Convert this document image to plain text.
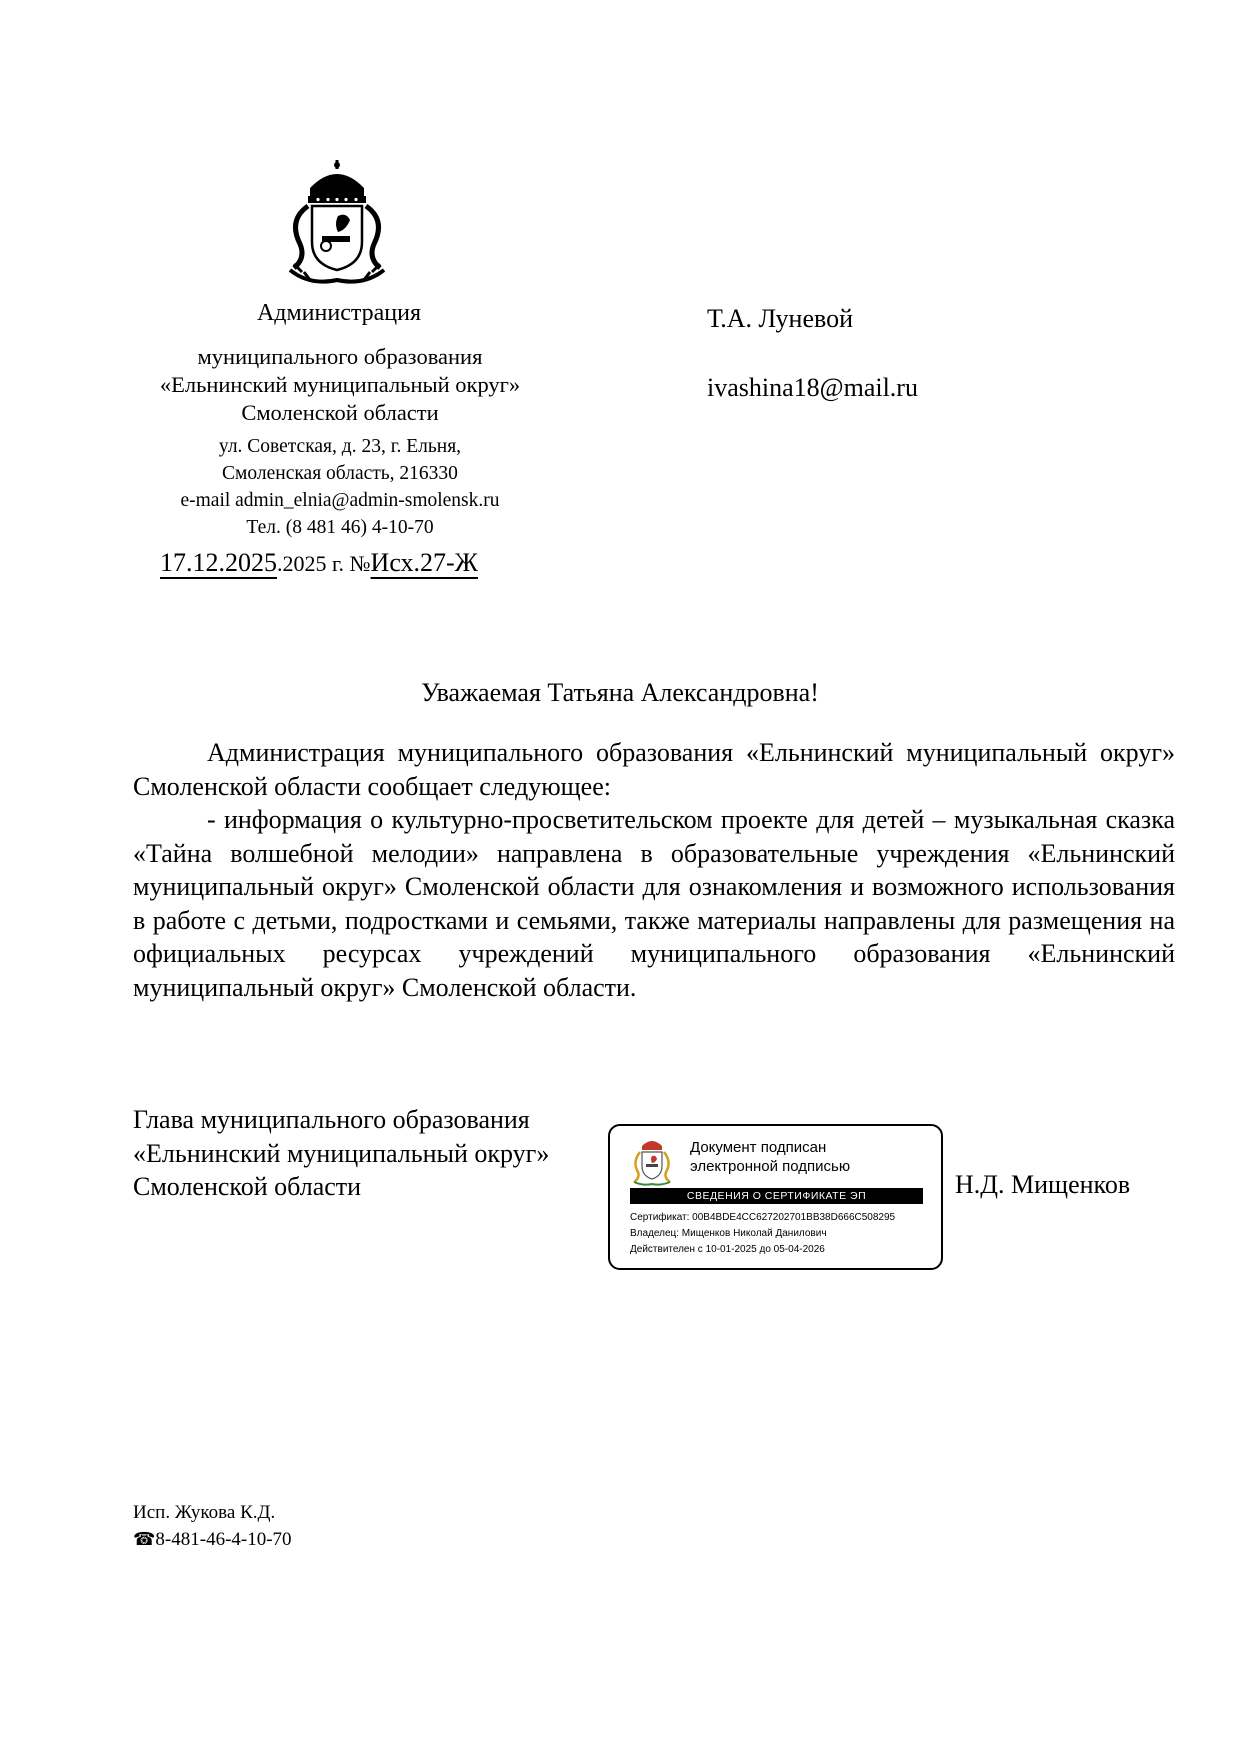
Администрация
муниципального образования
«Ельнинский муниципальный округ»
Смоленской области
ул. Советская, д. 23, г. Ельня,
Смоленская область, 216330
e-mail admin_elnia@admin-smolensk.ru
Тел. (8 481 46) 4-10-70
17.12.2025.2025 г. №Исх.27-Ж
Т.А. Луневой
ivashina18@mail.ru
Уважаемая Татьяна Александровна!

Администрация муниципального образования «Ельнинский муниципальный округ» Смоленской области сообщает следующее:

- информация о культурно-просветительском проекте для детей – музыкальная сказка «Тайна волшебной мелодии» направлена в образовательные учреждения «Ельнинский муниципальный округ» Смоленской области для ознакомления и возможного использования в работе с детьми, подростками и семьями, также материалы направлены для размещения на официальных ресурсах учреждений муниципального образования «Ельнинский муниципальный округ» Смоленской области.

Глава муниципального образования
«Ельнинский муниципальный округ»
Смоленской области
Документ подписан
электронной подписью
СВЕДЕНИЯ О СЕРТИФИКАТЕ ЭП
Сертификат: 00B4BDE4CC627202701BB38D666C508295
Владелец: Мищенков Николай Данилович
Действителен с 10-01-2025 до 05-04-2026
Н.Д. Мищенков
Исп. Жукова К.Д.
☎8-481-46-4-10-70
